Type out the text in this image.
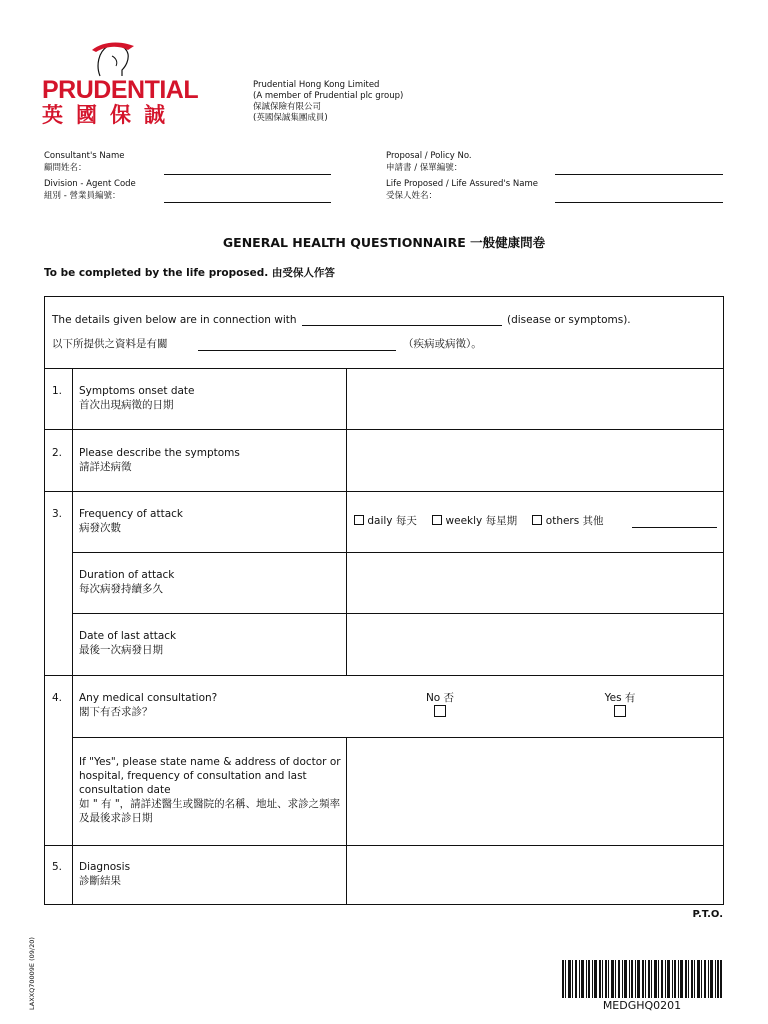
PRUDENTIAL
英國保誠
Prudential Hong Kong Limited
(A member of Prudential plc group)
保誠保險有限公司
(英國保誠集團成員)
Consultant's Name
顧問姓名：
Division - Agent Code
組別 - 營業員編號：
Proposal / Policy No.
申請書 / 保單編號：
Life Proposed / Life Assured's Name
受保人姓名：
GENERAL HEALTH QUESTIONNAIRE 一般健康問卷
To be completed by the life proposed. 由受保人作答
The details given below are in connection with	(disease or symptoms).
以下所提供之資料是有關	（疾病或病徵）。
1. Symptoms onset date
首次出現病徵的日期
2. Please describe the symptoms
請詳述病徵
3. Frequency of attack
病發次數
daily 每天	weekly 每星期	others 其他
Duration of attack
每次病發持續多久
Date of last attack
最後一次病發日期
4. Any medical consultation?
閣下有否求診？
No 否	Yes 有
If "Yes", please state name & address of doctor or hospital, frequency of consultation and last consultation date
如 " 有 "，請詳述醫生或醫院的名稱、地址、求診之頻率及最後求診日期
5. Diagnosis
診斷結果
P.T.O.
LAXXQ70009E (09/20)	MEDGHQ0201
